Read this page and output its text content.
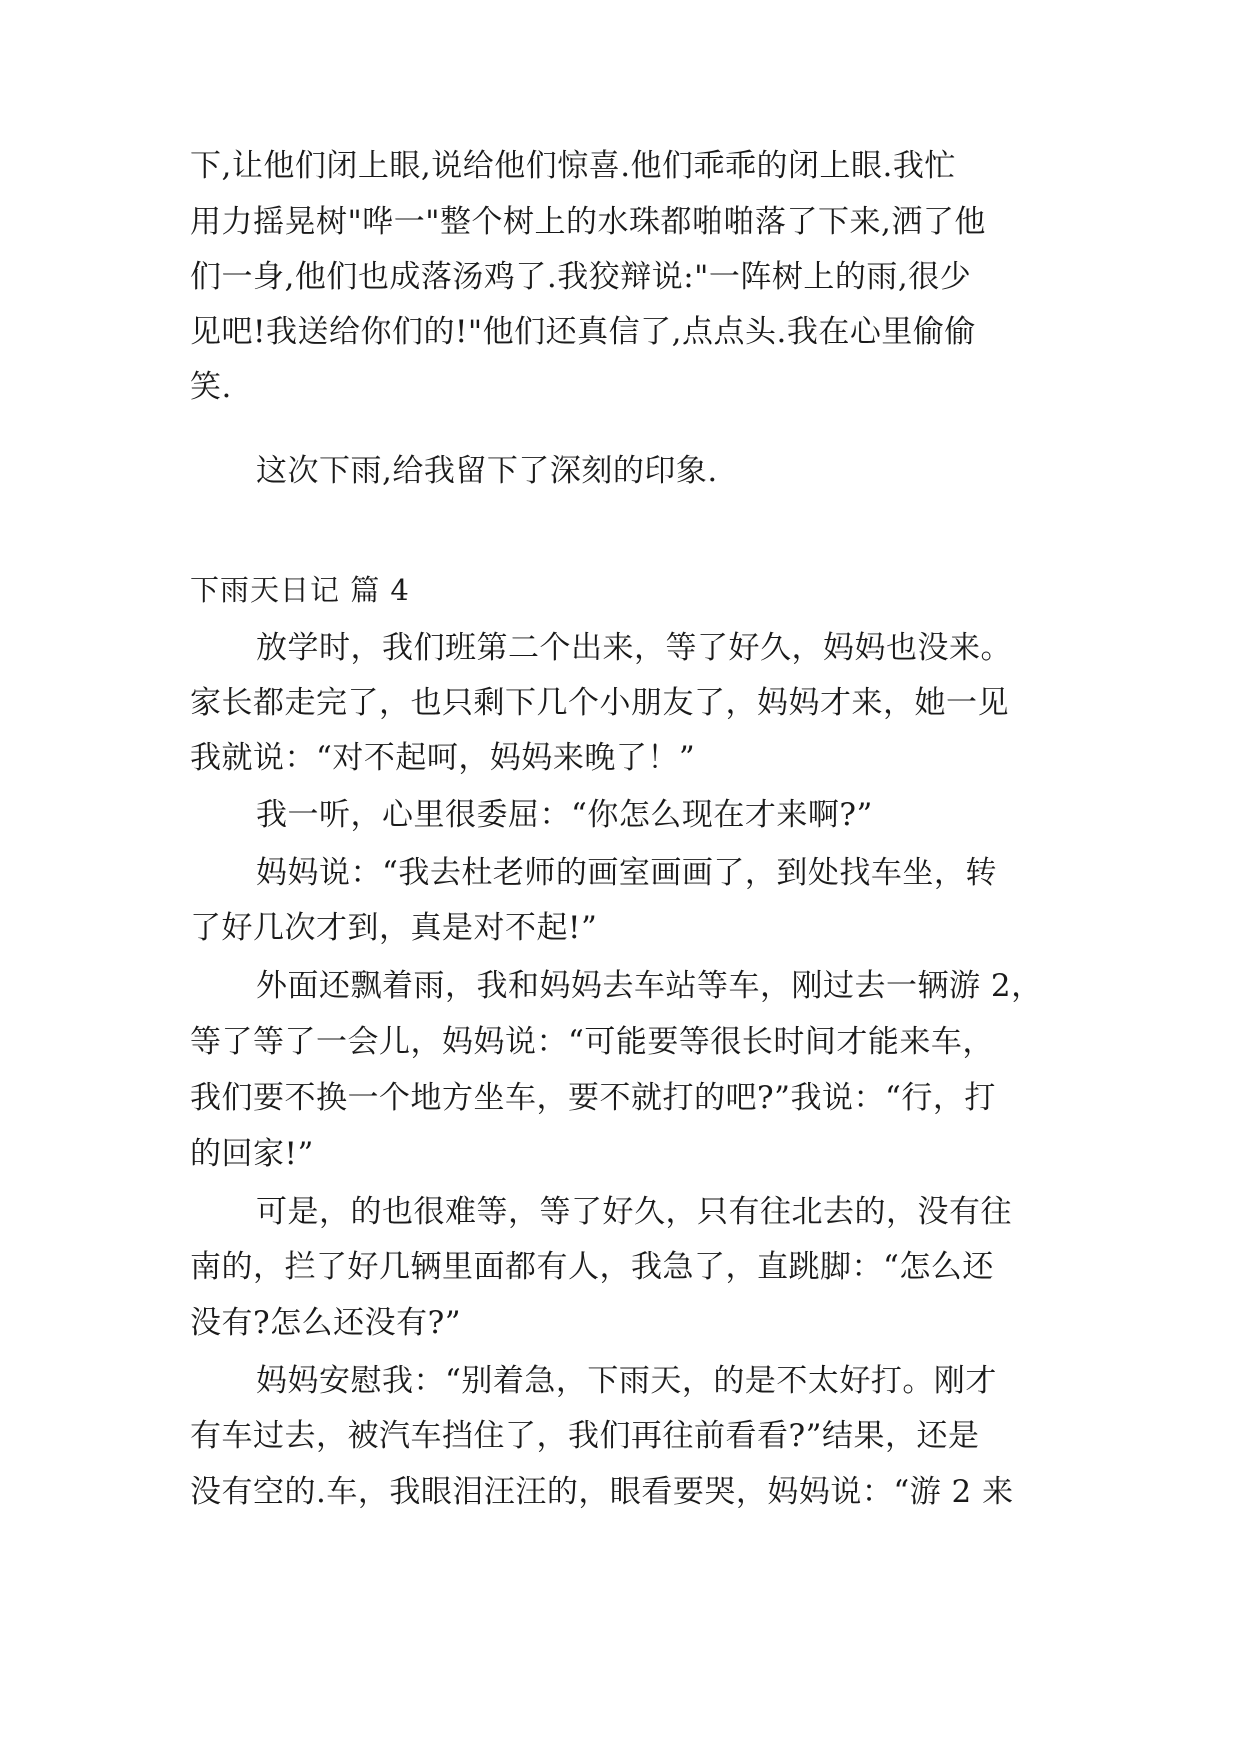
下,让他们闭上眼,说给他们惊喜.他们乖乖的闭上眼.我忙
用力摇晃树"哗一"整个树上的水珠都啪啪落了下来,洒了他
们一身,他们也成落汤鸡了.我狡辩说:"一阵树上的雨,很少
见吧!我送给你们的!"他们还真信了,点点头.我在心里偷偷
笑.
这次下雨,给我留下了深刻的印象.
下雨天日记 篇 4
放学时，我们班第二个出来，等了好久，妈妈也没来。
家长都走完了，也只剩下几个小朋友了，妈妈才来，她一见
我就说：“对不起呵，妈妈来晚了！”
我一听，心里很委屈：“你怎么现在才来啊?”
妈妈说：“我去杜老师的画室画画了，到处找车坐，转
了好几次才到，真是对不起!”
外面还飘着雨，我和妈妈去车站等车，刚过去一辆游 2，
等了等了一会儿，妈妈说：“可能要等很长时间才能来车，
我们要不换一个地方坐车，要不就打的吧?”我说：“行，打
的回家!”
可是，的也很难等，等了好久，只有往北去的，没有往
南的，拦了好几辆里面都有人，我急了，直跳脚：“怎么还
没有?怎么还没有?”
妈妈安慰我：“别着急，下雨天，的是不太好打。刚才
有车过去，被汽车挡住了，我们再往前看看?”结果，还是
没有空的.车，我眼泪汪汪的，眼看要哭，妈妈说：“游 2 来
